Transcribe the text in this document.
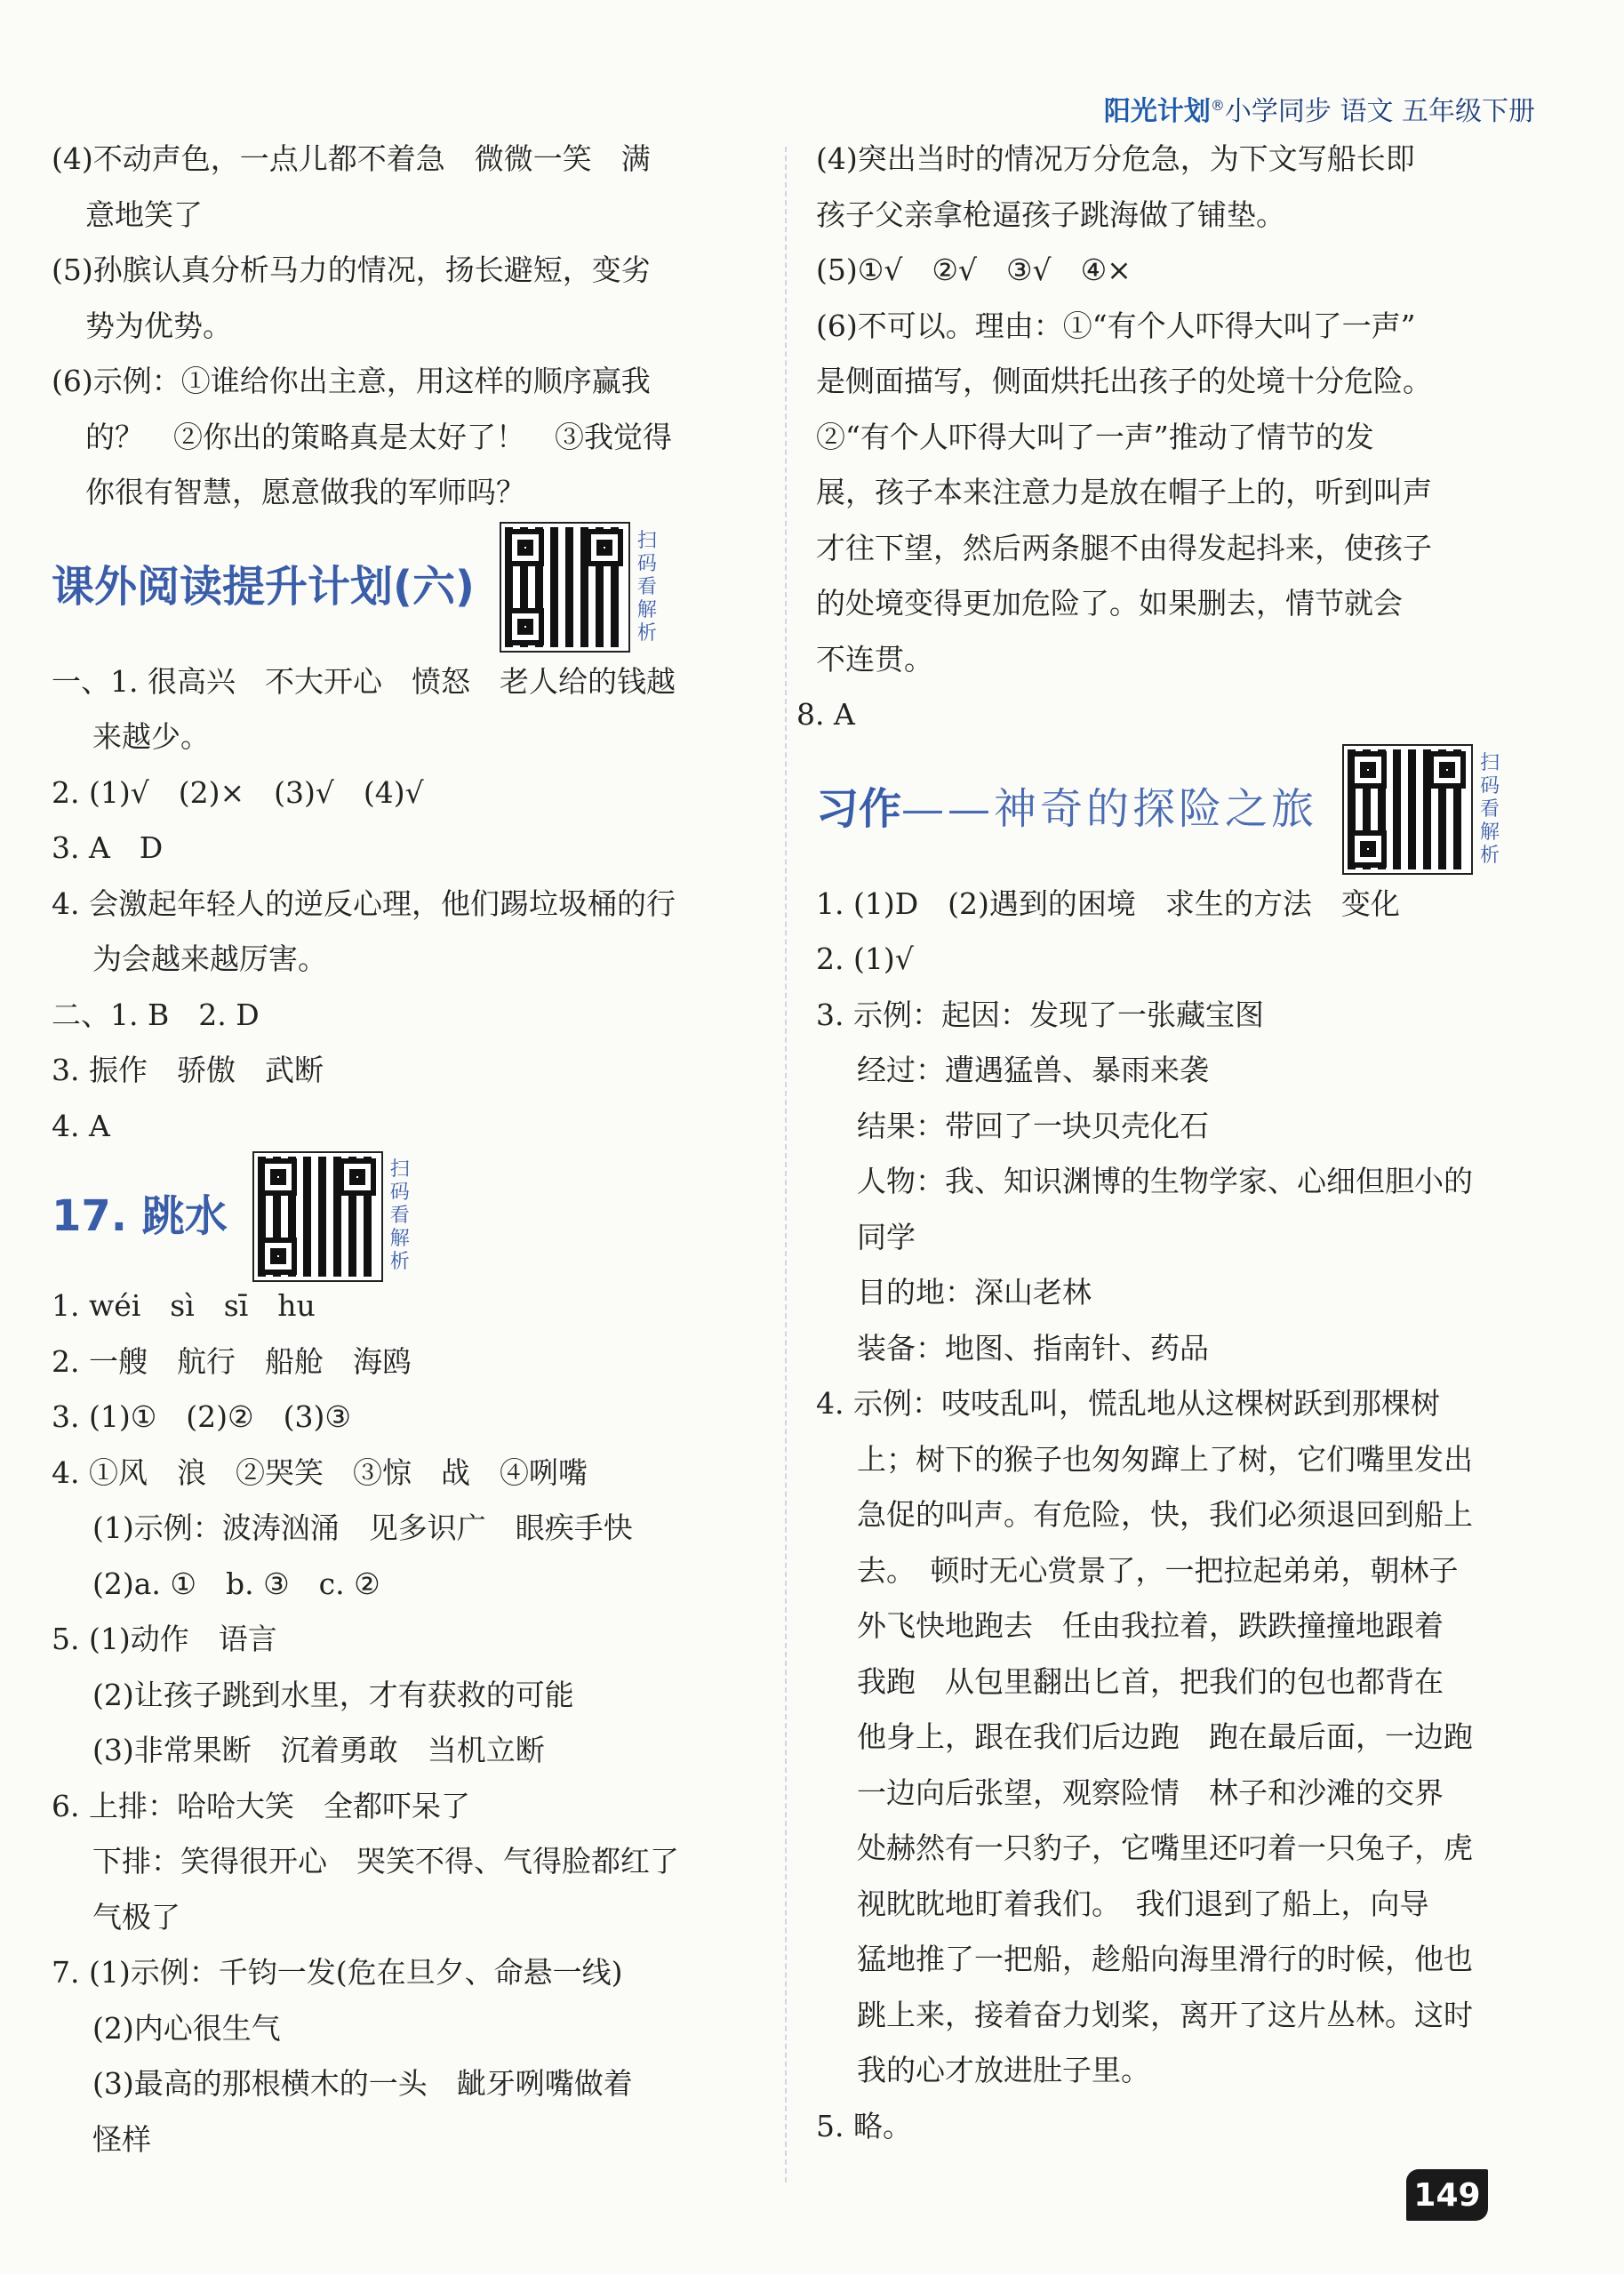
阳光计划®小学同步 语文 五年级下册
(4)不动声色，一点儿都不着急　微微一笑　满
意地笑了
(5)孙膑认真分析马力的情况，扬长避短，变劣
势为优势。
(6)示例：①谁给你出主意，用这样的顺序赢我
的？　②你出的策略真是太好了！　③我觉得
你很有智慧，愿意做我的军师吗？
课外阅读提升计划(六)
扫码看解析
一、1. 很高兴　不大开心　愤怒　老人给的钱越
来越少。
2. (1)√　(2)×　(3)√　(4)√
3. A　D
4. 会激起年轻人的逆反心理，他们踢垃圾桶的行
为会越来越厉害。
二、1. B　2. D
3. 振作　骄傲　武断
4. A
17. 跳水
扫码看解析
1. wéi　sì　sī　hu
2. 一艘　航行　船舱　海鸥
3. (1)①　(2)②　(3)③
4. ①风　浪　②哭笑　③惊　战　④咧嘴
(1)示例：波涛汹涌　见多识广　眼疾手快
(2)a. ①　b. ③　c. ②
5. (1)动作　语言
(2)让孩子跳到水里，才有获救的可能
(3)非常果断　沉着勇敢　当机立断
6. 上排：哈哈大笑　全都吓呆了
下排：笑得很开心　哭笑不得、气得脸都红了
气极了
7. (1)示例：千钧一发(危在旦夕、命悬一线)
(2)内心很生气
(3)最高的那根横木的一头　龇牙咧嘴做着
怪样
(4)突出当时的情况万分危急，为下文写船长即
孩子父亲拿枪逼孩子跳海做了铺垫。
(5)①√　②√　③√　④×
(6)不可以。理由：①“有个人吓得大叫了一声”
是侧面描写，侧面烘托出孩子的处境十分危险。
②“有个人吓得大叫了一声”推动了情节的发
展，孩子本来注意力是放在帽子上的，听到叫声
才往下望，然后两条腿不由得发起抖来，使孩子
的处境变得更加危险了。如果删去，情节就会
不连贯。
8. A
习作——神奇的探险之旅
扫码看解析
1. (1)D　(2)遇到的困境　求生的方法　变化
2. (1)√
3. 示例：起因：发现了一张藏宝图
经过：遭遇猛兽、暴雨来袭
结果：带回了一块贝壳化石
人物：我、知识渊博的生物学家、心细但胆小的
同学
目的地：深山老林
装备：地图、指南针、药品
4. 示例：吱吱乱叫，慌乱地从这棵树跃到那棵树
上；树下的猴子也匆匆蹿上了树，它们嘴里发出
急促的叫声。有危险，快，我们必须退回到船上
去。　顿时无心赏景了，一把拉起弟弟，朝林子
外飞快地跑去　任由我拉着，跌跌撞撞地跟着
我跑　从包里翻出匕首，把我们的包也都背在
他身上，跟在我们后边跑　跑在最后面，一边跑
一边向后张望，观察险情　林子和沙滩的交界
处赫然有一只豹子，它嘴里还叼着一只兔子，虎
视眈眈地盯着我们。　我们退到了船上，向导
猛地推了一把船，趁船向海里滑行的时候，他也
跳上来，接着奋力划桨，离开了这片丛林。这时
我的心才放进肚子里。
5. 略。
149
